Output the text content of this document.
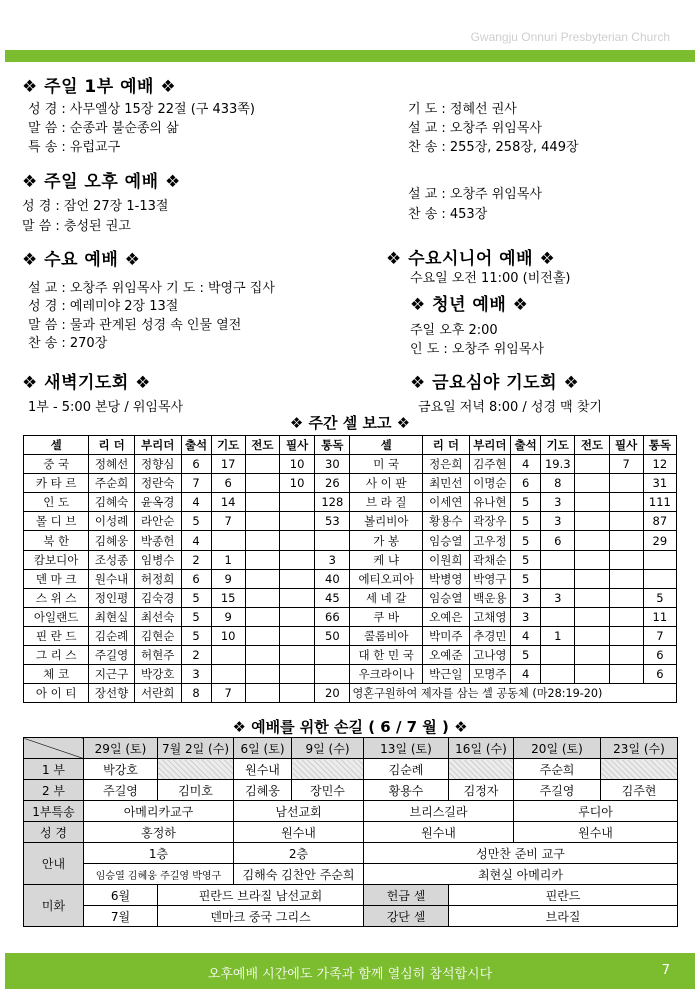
Gwangju Onnuri Presbyterian Church
❖ 주일 1부 예배 ❖
성 경 : 사무엘상 15장 22절 (구 433쪽)
말 씀 : 순종과 불순종의 삶
특 송 : 유럽교구
기 도 : 정혜선 권사
설 교 : 오창주 위임목사
찬 송 : 255장, 258장, 449장
❖ 주일 오후 예배 ❖
성 경 : 잠언 27장 1-13절
말 씀 : 충성된 권고
설 교 : 오창주 위임목사
찬 송 : 453장
❖ 수요 예배 ❖
설 교 : 오창주 위임목사 기 도 : 박영구 집사
성 경 : 예레미야 2장 13절
말 씀 : 물과 관계된 성경 속 인물 열전
찬 송 : 270장
❖ 수요시니어 예배 ❖
수요일 오전 11:00 (비전홀)
❖ 청년 예배 ❖
주일 오후 2:00
인 도 : 오창주 위임목사
❖ 새벽기도회 ❖
1부 - 5:00 본당 / 위임목사
❖ 금요심야 기도회 ❖
금요일 저녁 8:00 / 성경 맥 찾기
❖ 주간 셀 보고 ❖
셀	리 더	부리더	출석	기도	전도	필사	통독	셀	리 더	부리더	출석	기도	전도	필사	통독
중 국	정혜선	정향심	6	17		10	30	미 국	정은희	김주현	4	19.3		7	12
카 타 르	주순희	정란숙	7	6		10	26	사 이 판	최민선	이명순	6	8			31
인 도	김혜숙	윤옥경	4	14			128	브 라 질	이세연	유나현	5	3			111
몰 디 브	이성례	라안순	5	7			53	볼리비아	황용수	곽장우	5	3			87
북 한	김혜웅	박종헌	4					가 봉	임승열	고우정	5	6			29
캄보디아	조성종	임병수	2	1			3	케 냐	이원희	곽채순	5				
덴 마 크	원수내	허정희	6	9			40	에티오피아	박병영	박영구	5				
스 위 스	정인평	김숙경	5	15			45	세 네 갈	임승열	백운용	3	3			5
아일랜드	최현실	최선숙	5	9			66	쿠 바	오예은	고채영	3				11
핀 란 드	김순례	김현순	5	10			50	콜롬비아	박미주	추경민	4	1			7
그 리 스	주길영	허현주	2					대 한 민 국	오예준	고나영	5				6
체 코	지근구	박강호	3					우크라이나	박근일	모명주	4				6
아 이 티	장선향	서란희	8	7			20	영혼구원하여 제자를 삼는 셀 공동체 (마28:19-20)							
❖ 예배를 위한 손길 ( 6 / 7 월 ) ❖
	29일 (토)	7월 2일 (수)	6일 (토)	9일 (수)	13일 (토)	16일 (수)	20일 (토)	23일 (수)
1 부	박강호		원수내		김순례		주순희	
2 부	주길영	김미호	김혜웅	장민수	황용수	김정자	주길영	김주현
1부특송	아메리카교구		남선교회		브리스길라		루디아	
성 경	홍정하		원수내		원수내		원수내	
안내	1층		2층		성만찬 준비 교구			
	임승열 김혜웅 주길영 박영구		김해숙 김찬안 주순희		최현실 아메리카			
미화	6월	핀란드 브라질 남선교회			헌금 셀	핀란드		
	7월	덴마크 중국 그리스			강단 셀	브라질		
오후예배 시간에도 가족과 함께 열심히 참석합시다	7
